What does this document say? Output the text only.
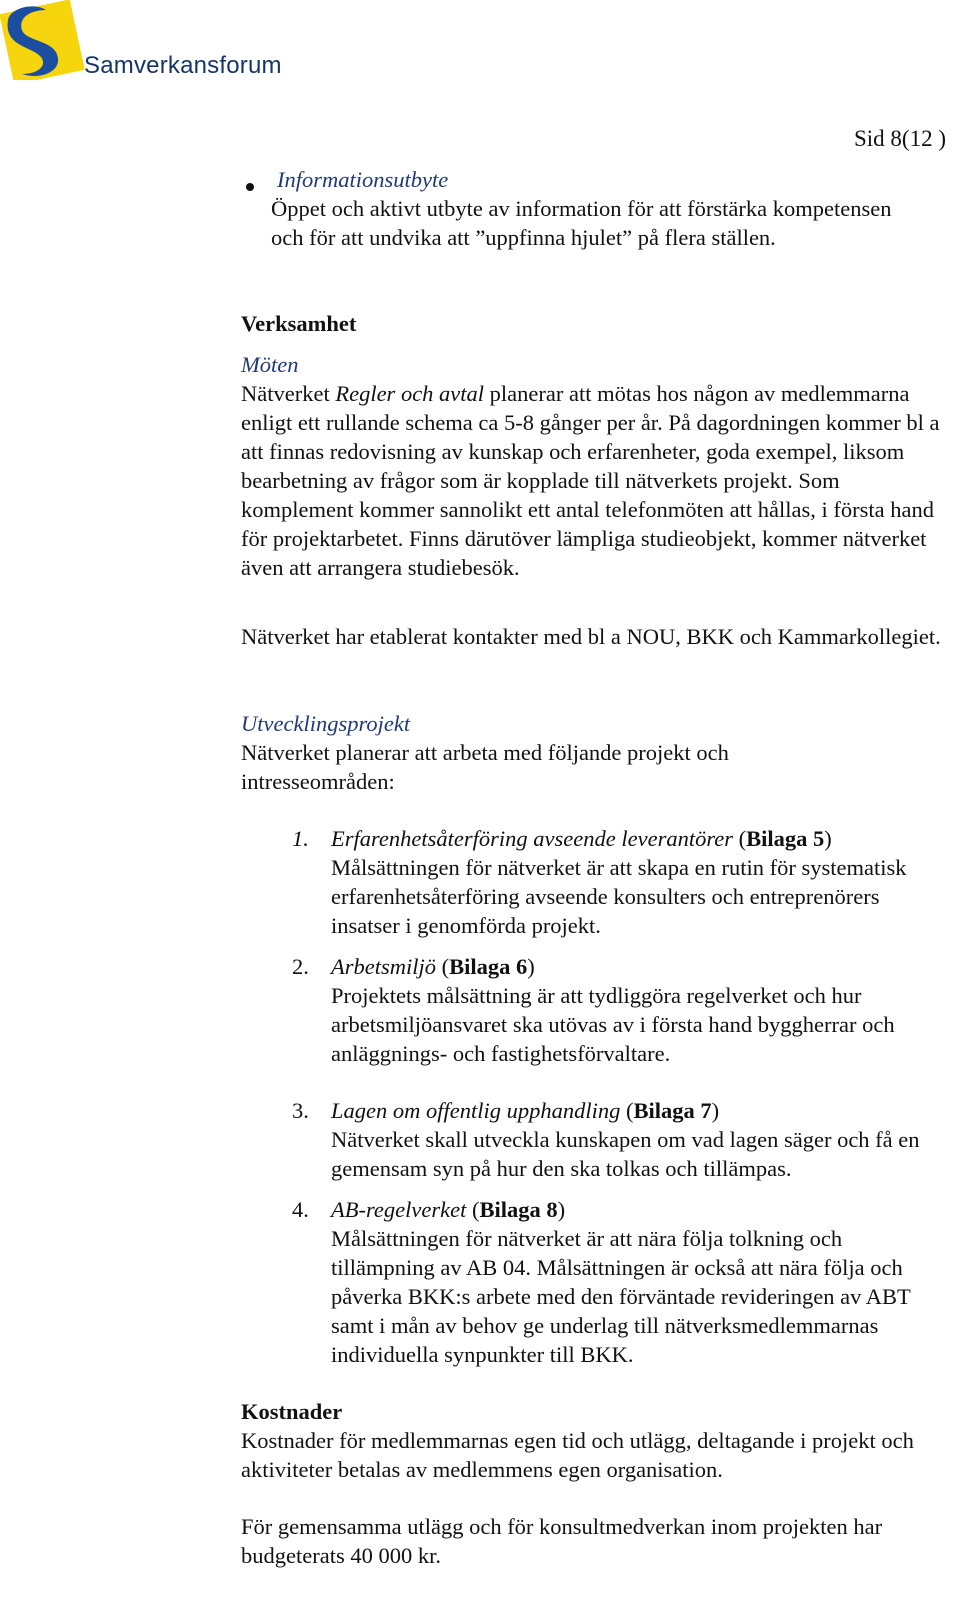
Samverkansforum
Sid 8(12 )
Informationsutbyte
Öppet och aktivt utbyte av information för att förstärka kompetensen och för att undvika att ”uppfinna hjulet” på flera ställen.
Verksamhet
Möten
Nätverket Regler och avtal planerar att mötas hos någon av medlemmarna enligt ett rullande schema ca 5-8 gånger per år. På dagordningen kommer bl a att finnas redovisning av kunskap och erfarenheter, goda exempel, liksom bearbetning av frågor som är kopplade till nätverkets projekt. Som komplement kommer sannolikt ett antal telefonmöten att hållas, i första hand för projektarbetet. Finns därutöver lämpliga studieobjekt, kommer nätverket även att arrangera studiebesök.
Nätverket har etablerat kontakter med bl a NOU, BKK och Kammarkollegiet.
Utvecklingsprojekt
Nätverket planerar att arbeta med följande projekt och intresseområden:
1. Erfarenhetsåterföring avseende leverantörer (Bilaga 5)

Målsättningen för nätverket är att skapa en rutin för systematisk erfarenhetsåterföring avseende konsulters och entreprenörers insatser i genomförda projekt.

2. Arbetsmiljö (Bilaga 6)

Projektets målsättning är att tydliggöra regelverket och hur arbetsmiljöansvaret ska utövas av i första hand byggherrar och anläggnings- och fastighetsförvaltare.

3. Lagen om offentlig upphandling (Bilaga 7)

Nätverket skall utveckla kunskapen om vad lagen säger och få en gemensam syn på hur den ska tolkas och tillämpas.

4. AB-regelverket (Bilaga 8)

Målsättningen för nätverket är att nära följa tolkning och tillämpning av AB 04. Målsättningen är också att nära följa och påverka BKK:s arbete med den förväntade revideringen av ABT samt i mån av behov ge underlag till nätverksmedlemmarnas individuella synpunkter till BKK.

Kostnader
Kostnader för medlemmarnas egen tid och utlägg, deltagande i projekt och aktiviteter betalas av medlemmens egen organisation.
För gemensamma utlägg och för konsultmedverkan inom projekten har budgeterats 40 000 kr.
